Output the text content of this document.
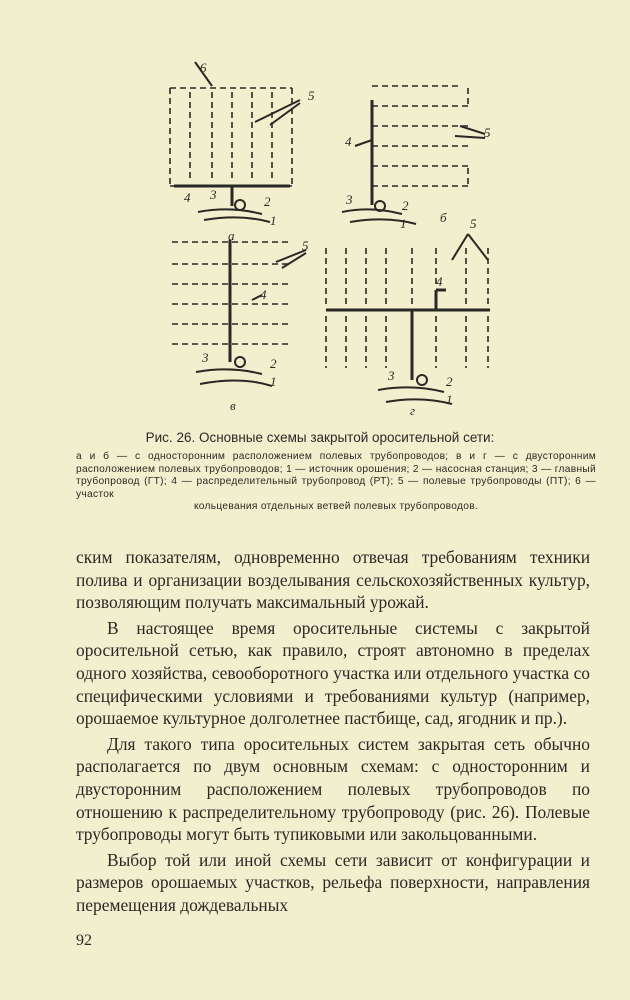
6
5
4 3	2
1
а
5
4
3	2
1	б
5
4
3	2
1
в
5
4
3	2
1
г
Рис. 26. Основные схемы закрытой оросительной сети:
а и б — с односторонним расположением полевых трубопроводов; в и г — с двусторонним расположением полевых трубопроводов; 1 — источник орошения; 2 — насосная станция; 3 — главный трубопровод (ГТ); 4 — распределительный трубопровод (РТ); 5 — полевые трубопроводы (ПТ); 6 — участок
кольцевания отдельных ветвей полевых трубопроводов.

ским показателям, одновременно отвечая требованиям техники полива и организации возделывания сельскохозяйственных культур, позволяющим получать максимальный урожай.

В настоящее время оросительные системы с закрытой оросительной сетью, как правило, строят автономно в пределах одного хозяйства, севооборотного участка или отдельного участка со специфическими условиями и требованиями культур (например, орошаемое культурное долголетнее пастбище, сад, ягодник и пр.).

Для такого типа оросительных систем закрытая сеть обычно располагается по двум основным схемам: с односторонним и двусторонним расположением полевых трубопроводов по отношению к распределительному трубопроводу (рис. 26). Полевые трубопроводы могут быть тупиковыми или закольцованными.

Выбор той или иной схемы сети зависит от конфигурации и размеров орошаемых участков, рельефа поверхности, направления перемещения дождевальных

92
